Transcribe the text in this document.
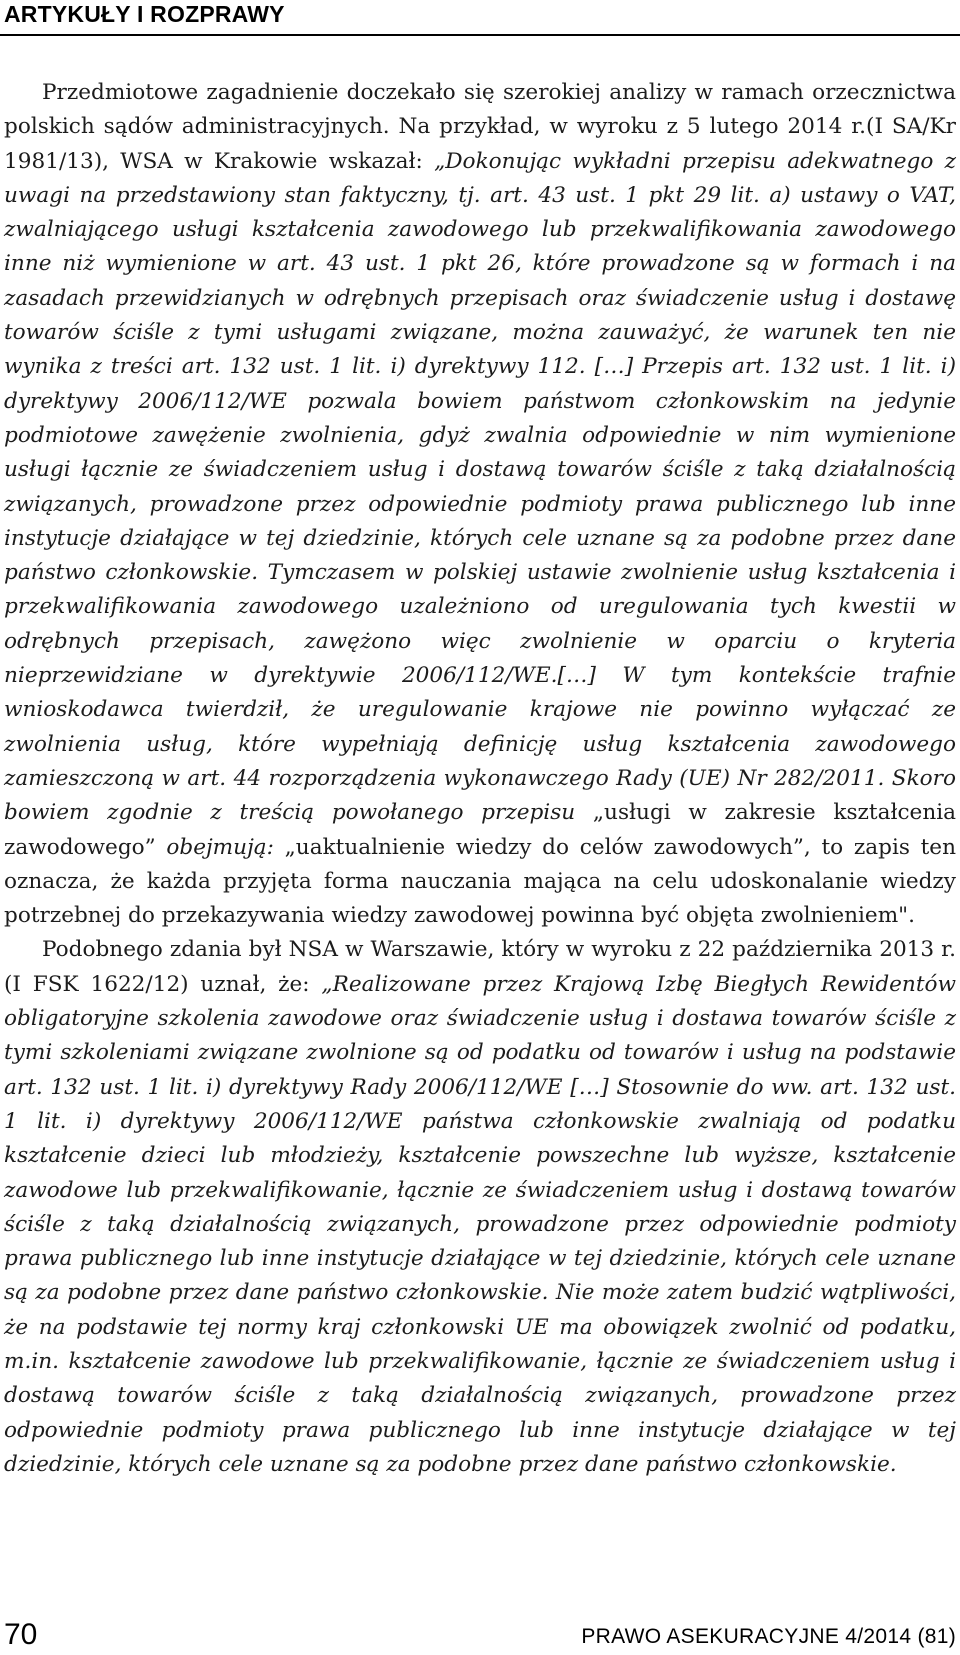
ARTYKUŁY I ROZPRAWY

Przedmiotowe zagadnienie doczekało się szerokiej analizy w ramach orzecznictwa polskich sądów administracyjnych. Na przykład, w wyroku z 5 lutego 2014 r.(I SA/Kr 1981/13), WSA w Krakowie wskazał: „Dokonując wykładni przepisu adekwatnego z uwagi na przedstawiony stan faktyczny, tj. art. 43 ust. 1 pkt 29 lit. a) ustawy o VAT, zwalniającego usługi kształcenia zawodowego lub przekwalifikowania zawodowego inne niż wymienione w art. 43 ust. 1 pkt 26, które prowadzone są w formach i na zasadach przewidzianych w odrębnych przepisach oraz świadczenie usług i dostawę towarów ściśle z tymi usługami związane, można zauważyć, że warunek ten nie wynika z treści art. 132 ust. 1 lit. i) dyrektywy 112. […] Przepis art. 132 ust. 1 lit. i) dyrektywy 2006/112/WE pozwala bowiem państwom członkowskim na jedynie podmiotowe zawężenie zwolnienia, gdyż zwalnia odpowiednie w nim wymienione usługi łącznie ze świadczeniem usług i dostawą towarów ściśle z taką działalnością związanych, prowadzone przez odpowiednie podmioty prawa publicznego lub inne instytucje działające w tej dziedzinie, których cele uznane są za podobne przez dane państwo członkowskie. Tymczasem w polskiej ustawie zwolnienie usług kształcenia i przekwalifikowania zawodowego uzależniono od uregulowania tych kwestii w odrębnych przepisach, zawężono więc zwolnienie w oparciu o kryteria nieprzewidziane w dyrektywie 2006/112/WE.[…] W tym kontekście trafnie wnioskodawca twierdził, że uregulowanie krajowe nie powinno wyłączać ze zwolnienia usług, które wypełniają definicję usług kształcenia zawodowego zamieszczoną w art. 44 rozporządzenia wykonawczego Rady (UE) Nr 282/2011. Skoro bowiem zgodnie z treścią powołanego przepisu „usługi w zakresie kształcenia zawodowego” obejmują: „uaktualnienie wiedzy do celów zawodowych”, to zapis ten oznacza, że każda przyjęta forma nauczania mająca na celu udoskonalanie wiedzy potrzebnej do przekazywania wiedzy zawodowej powinna być objęta zwolnieniem".

Podobnego zdania był NSA w Warszawie, który w wyroku z 22 października 2013 r.(I FSK 1622/12) uznał, że: „Realizowane przez Krajową Izbę Biegłych Rewidentów obligatoryjne szkolenia zawodowe oraz świadczenie usług i dostawa towarów ściśle z tymi szkoleniami związane zwolnione są od podatku od towarów i usług na podstawie art. 132 ust. 1 lit. i) dyrektywy Rady 2006/112/WE […] Stosownie do ww. art. 132 ust. 1 lit. i) dyrektywy 2006/112/WE państwa członkowskie zwalniają od podatku kształcenie dzieci lub młodzieży, kształcenie powszechne lub wyższe, kształcenie zawodowe lub przekwalifikowanie, łącznie ze świadczeniem usług i dostawą towarów ściśle z taką działalnością związanych, prowadzone przez odpowiednie podmioty prawa publicznego lub inne instytucje działające w tej dziedzinie, których cele uznane są za podobne przez dane państwo członkowskie. Nie może zatem budzić wątpliwości, że na podstawie tej normy kraj członkowski UE ma obowiązek zwolnić od podatku, m.in. kształcenie zawodowe lub przekwalifikowanie, łącznie ze świadczeniem usług i dostawą towarów ściśle z taką działalnością związanych, prowadzone przez odpowiednie podmioty prawa publicznego lub inne instytucje działające w tej dziedzinie, których cele uznane są za podobne przez dane państwo członkowskie.

70	PRAWO ASEKURACYJNE 4/2014 (81)
